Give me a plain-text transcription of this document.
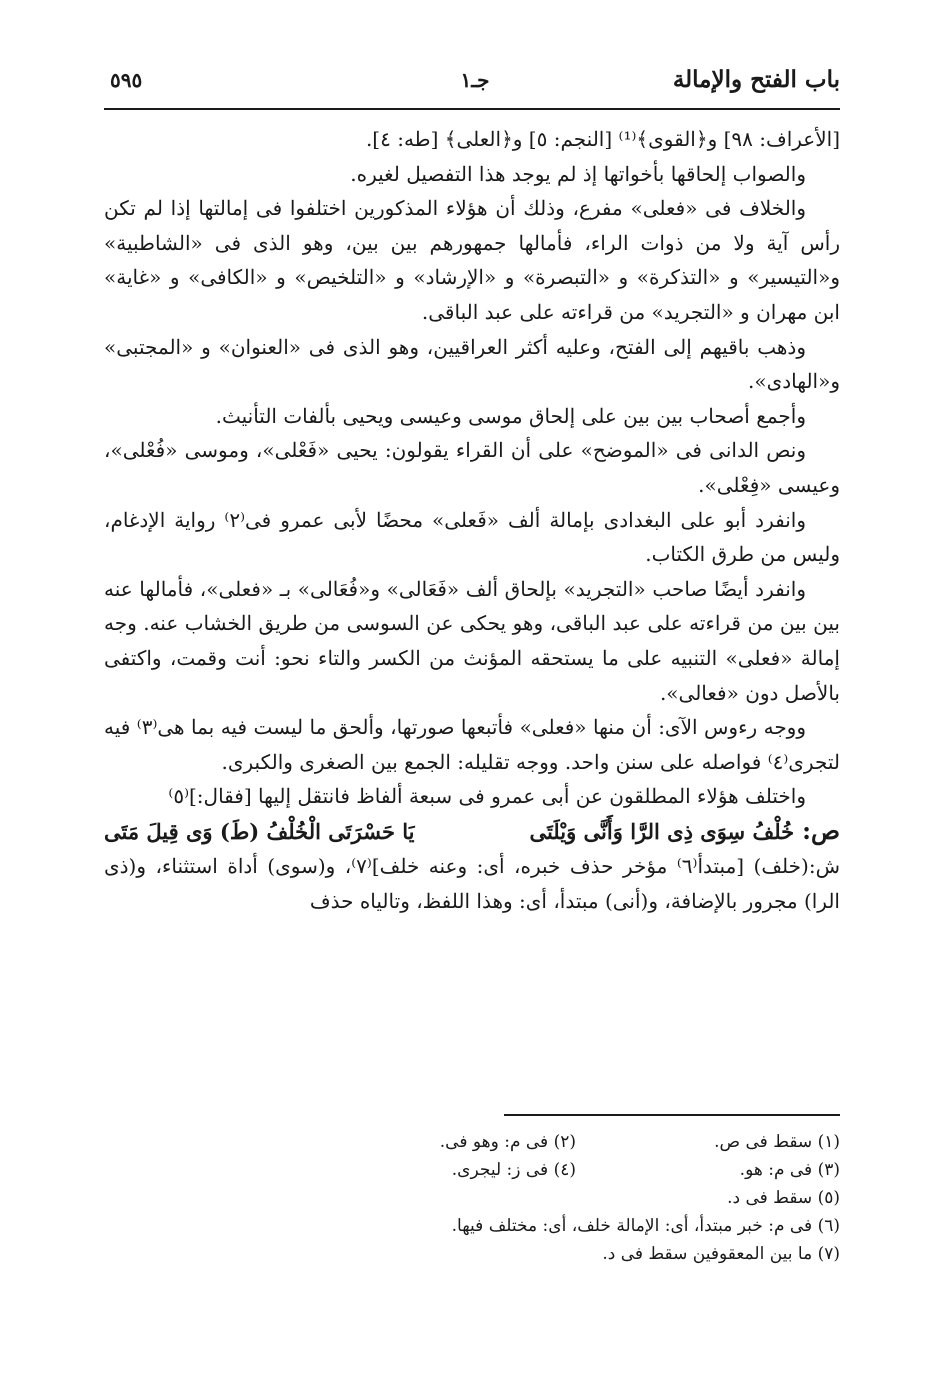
باب الفتح والإمالة
جـ١
٥٩٥

[الأعراف: ٩٨] و﴿القوى﴾⁽¹⁾ [النجم: ٥] و﴿العلى﴾ [طه: ٤].

والصواب إلحاقها بأخواتها إذ لم يوجد هذا التفصيل لغيره.

والخلاف فى «فعلى» مفرع، وذلك أن هؤلاء المذكورين اختلفوا فى إمالتها إذا لم تكن رأس آية ولا من ذوات الراء، فأمالها جمهورهم بين بين، وهو الذى فى «الشاطبية» و«التيسير» و «التذكرة» و «التبصرة» و «الإرشاد» و «التلخيص» و «الكافى» و «غاية» ابن مهران و «التجريد» من قراءته على عبد الباقى.

وذهب باقيهم إلى الفتح، وعليه أكثر العراقيين، وهو الذى فى «العنوان» و «المجتبى» و«الهادى».

وأجمع أصحاب بين بين على إلحاق موسى وعيسى ويحيى بألفات التأنيث.

ونص الدانى فى «الموضح» على أن القراء يقولون: يحيى «فَعْلى»، وموسى «فُعْلى»، وعيسى «فِعْلى».

وانفرد أبو على البغدادى بإمالة ألف «فَعلى» محضًا لأبى عمرو فى⁽٢⁾ رواية الإدغام، وليس من طرق الكتاب.

وانفرد أيضًا صاحب «التجريد» بإلحاق ألف «فَعَالى» و«فُعَالى» بـ «فعلى»، فأمالها عنه بين بين من قراءته على عبد الباقى، وهو يحكى عن السوسى من طريق الخشاب عنه. وجه إمالة «فعلى» التنبيه على ما يستحقه المؤنث من الكسر والتاء نحو: أنت وقمت، واكتفى بالأصل دون «فعالى».

ووجه رءوس الآى: أن منها «فعلى» فأتبعها صورتها، وألحق ما ليست فيه بما هى⁽٣⁾ فيه لتجرى⁽٤⁾ فواصله على سنن واحد. ووجه تقليله: الجمع بين الصغرى والكبرى.

واختلف هؤلاء المطلقون عن أبى عمرو فى سبعة ألفاظ فانتقل إليها [فقال:]⁽٥⁾

ص:
خُلْفُ سِوَى ذِى الرَّا وَأَنَّى وَيْلَتَى
يَا حَسْرَتَى الْخُلْفُ (طَ) وَى قِيلَ مَتَى

ش:(خلف) [مبتدأ⁽٦⁾ مؤخر حذف خبره، أى: وعنه خلف]⁽٧⁾، و(سوى) أداة استثناء، و(ذى الرا) مجرور بالإضافة، و(أنى) مبتدأ، أى: وهذا اللفظ، وتالياه حذف

(١) سقط فى ص.
(٢) فى م: وهو فى.
(٣) فى م: هو.
(٤) فى ز: ليجرى.
(٥) سقط فى د.
(٦) فى م: خبر مبتدأ، أى: الإمالة خلف، أى: مختلف فيها.
(٧) ما بين المعقوفين سقط فى د.
